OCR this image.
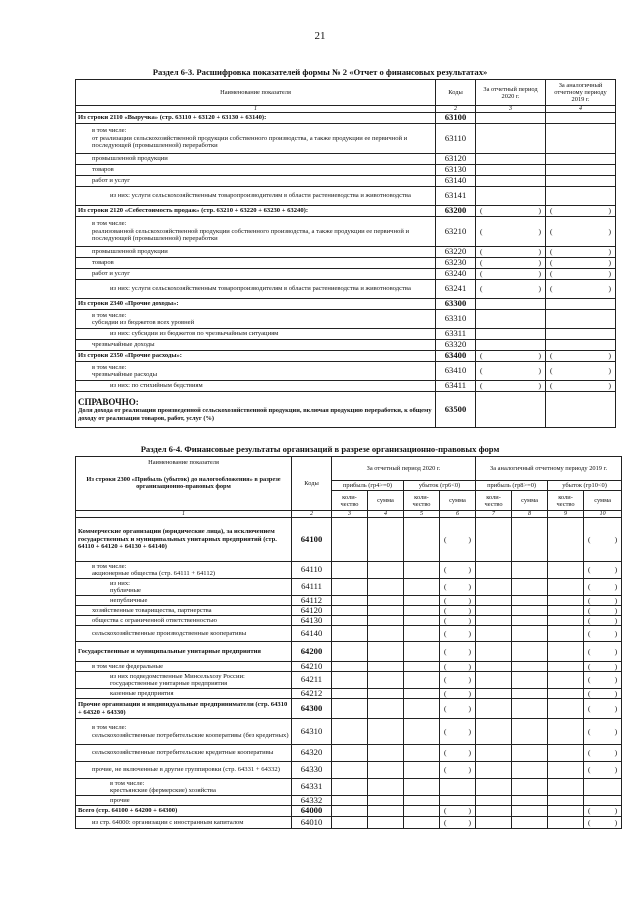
21
Раздел 6-3. Расшифровка показателей формы № 2 «Отчет о финансовых результатах»
Наименование показателя	Коды	За отчетный период 2020 г.	За аналогичный отчетному периоду 2019 г.
1	2	3	4
Из строки 2110 «Выручка» (стр. 63110 + 63120 + 63130 + 63140):	63100		
в том числе:
от реализации сельскохозяйственной продукции собственного производства, а также продукции ее первичной и последующей (промышленной) переработки	63110		
промышленной продукции	63120		
товаров	63130		
работ и услуг	63140		
из них: услуги сельскохозяйственным товаропроизводителям в области растениеводства и животноводства	63141		
Из строки 2120 «Себестоимость продаж» (стр. 63210 + 63220 + 63230 + 63240):	63200	( )	( )

в том числе:
реализованной сельскохозяйственной продукции собственного производства, а также продукции ее первичной и последующей (промышленной) переработки	63210	( )	( )

промышленной продукции	63220	( )	( )

товаров	63230	( )	( )

работ и услуг	63240	( )	( )

из них: услуги сельскохозяйственным товаропроизводителям в области растениеводства и животноводства	63241	( )	( )

Из строки 2340 «Прочие доходы»:	63300		
в том числе:
субсидии из бюджетов всех уровней	63310		
из них: субсидии из бюджетов по чрезвычайным ситуациям	63311		
чрезвычайные доходы	63320		
Из строки 2350 «Прочие расходы»:	63400	( )	( )

в том числе:
чрезвычайные расходы	63410	( )	( )

из них: по стихийным бедствиям	63411	( )	( )

СПРАВОЧНО:
Доля дохода от реализации произведенной сельскохозяйственной продукции, включая продукцию переработки, к общему доходу от реализации товаров, работ, услуг (%)	63500		
Раздел 6-4. Финансовые результаты организаций в разрезе организационно-правовых форм
Наименование показателя
Из строки 2300 «Прибыль (убыток) до налогообложения» в разрезе организационно-правовых форм	Коды	За отчетный период 2020 г.				За аналогичный отчетному периоду 2019 г.			
		прибыль (гр4>=0)		убыток (гр6<0)		прибыль (гр8>=0)		убыток (гр10<0)	
		коли-чество	сумма	коли-чество	сумма	коли-чество	сумма	коли-чество	сумма
1	2	3	4	5	6	7	8	9	10
Коммерческие организации (юридические лица), за исключением государственных и муниципальных унитарных предприятий (стр. 64110 + 64120 + 64130 + 64140)	64100				( )				( )

в том числе:
акционерные общества (стр. 64111 + 64112)	64110				( )				( )

из них:
публичные	64111				( )				( )

непубличные	64112				( )				( )

хозяйственные товарищества, партнерства	64120				( )				( )

общества с ограниченной ответственностью	64130				( )				( )

сельскохозяйственные производственные кооперативы	64140				( )				( )

Государственные и муниципальные унитарные предприятия	64200				( )				( )

в том числе федеральные	64210				( )				( )

из них подведомственные Минсельхозу России: государственные унитарные предприятия	64211				( )				( )

казенные предприятия	64212				( )				( )

Прочие организации и индивидуальные предприниматели (стр. 64310 + 64320 + 64330)	64300				( )				( )

в том числе:
сельскохозяйственные потребительские кооперативы (без кредитных)	64310				( )				( )

сельскохозяйственные потребительские кредитные кооперативы	64320				( )				( )

прочие, не включенные в другие группировки (стр. 64331 + 64332)	64330				( )				( )

в том числе:
крестьянские (фермерские) хозяйства	64331								
прочие	64332								
Всего (стр. 64100 + 64200 + 64300)	64000				( )				( )

из стр. 64000: организации с иностранным капиталом	64010				( )				( )
